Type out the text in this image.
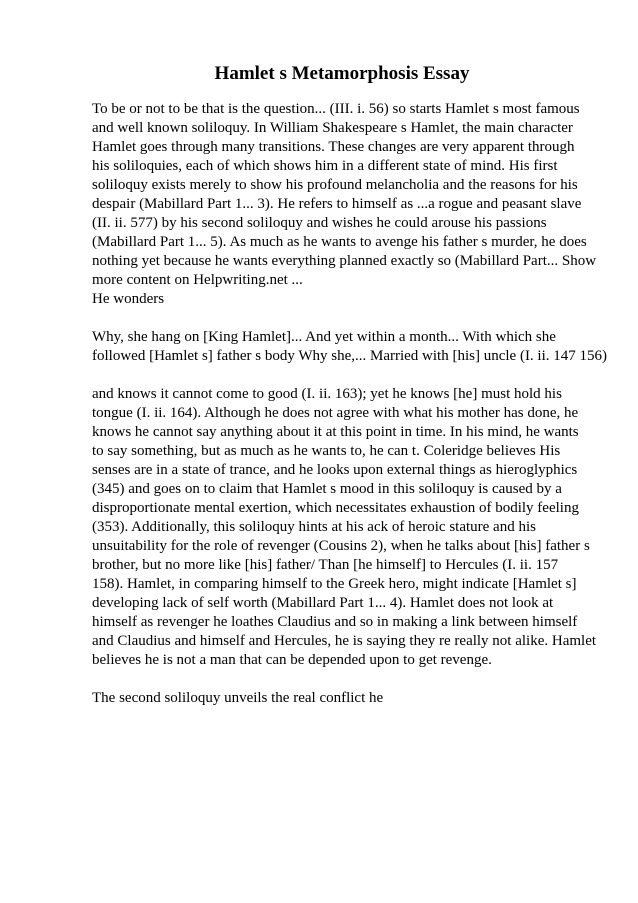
Hamlet s Metamorphosis Essay

To be or not to be that is the question... (III. i. 56) so starts Hamlet s most famous
and well known soliloquy. In William Shakespeare s Hamlet, the main character
Hamlet goes through many transitions. These changes are very apparent through
his soliloquies, each of which shows him in a different state of mind. His first
soliloquy exists merely to show his profound melancholia and the reasons for his
despair (Mabillard Part 1... 3). He refers to himself as ...a rogue and peasant slave
(II. ii. 577) by his second soliloquy and wishes he could arouse his passions
(Mabillard Part 1... 5). As much as he wants to avenge his father s murder, he does
nothing yet because he wants everything planned exactly so (Mabillard Part... Show
more content on Helpwriting.net ...
He wonders

Why, she hang on [King Hamlet]... And yet within a month... With which she
followed [Hamlet s] father s body Why she,... Married with [his] uncle (I. ii. 147 156)

and knows it cannot come to good (I. ii. 163); yet he knows [he] must hold his
tongue (I. ii. 164). Although he does not agree with what his mother has done, he
knows he cannot say anything about it at this point in time. In his mind, he wants
to say something, but as much as he wants to, he can t. Coleridge believes His
senses are in a state of trance, and he looks upon external things as hieroglyphics
(345) and goes on to claim that Hamlet s mood in this soliloquy is caused by a
disproportionate mental exertion, which necessitates exhaustion of bodily feeling
(353). Additionally, this soliloquy hints at his ack of heroic stature and his
unsuitability for the role of revenger (Cousins 2), when he talks about [his] father s
brother, but no more like [his] father/ Than [he himself] to Hercules (I. ii. 157
158). Hamlet, in comparing himself to the Greek hero, might indicate [Hamlet s]
developing lack of self worth (Mabillard Part 1... 4). Hamlet does not look at
himself as revenger he loathes Claudius and so in making a link between himself
and Claudius and himself and Hercules, he is saying they re really not alike. Hamlet
believes he is not a man that can be depended upon to get revenge.

The second soliloquy unveils the real conflict he
